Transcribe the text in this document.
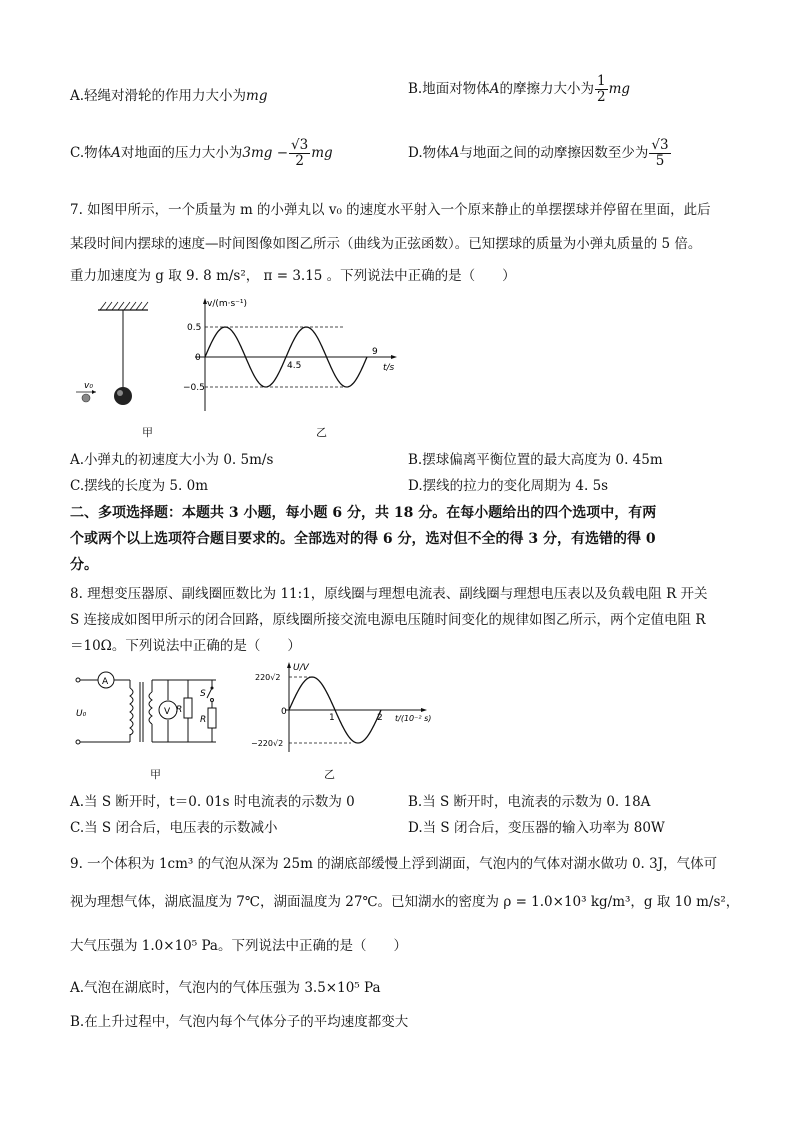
A.轻绳对滑轮的作用力大小为mg	B.地面对物体A的摩擦力大小为 $\frac{1}{2}$ mg
C.物体A对地面的压力大小为$3mg - \frac{√3}{2}$ mg	D.物体A与地面之间的动摩擦因数至少为 $\frac{√3}{5}$
7. 如图甲所示，一个质量为 m 的小弹丸以 v₀ 的速度水平射入一个原来静止的单摆摆球并停留在里面，此后
某段时间内摆球的速度—时间图像如图乙所示（曲线为正弦函数）。已知摆球的质量为小弹丸质量的 5 倍。
重力加速度为 g 取 9. 8 m/s²， π = 3.15 。下列说法中正确的是（　　）
v₀
v/(m·s⁻¹)
t/s
0.5
−0.5
0
4.5
9
甲	乙
A.小弹丸的初速度大小为 0. 5m/s	B.摆球偏离平衡位置的最大高度为 0. 45m
C.摆线的长度为 5. 0m	D.摆线的拉力的变化周期为 4. 5s
二、多项选择题：本题共 3 小题，每小题 6 分，共 18 分。在每小题给出的四个选项中，有两
个或两个以上选项符合题目要求的。全部选对的得 6 分，选对但不全的得 3 分，有选错的得 0
分。
8. 理想变压器原、副线圈匝数比为 11:1，原线圈与理想电流表、副线圈与理想电压表以及负载电阻 R 开关
S 连接成如图甲所示的闭合回路，原线圈所接交流电源电压随时间变化的规律如图乙所示，两个定值电阻 R
＝10Ω。下列说法中正确的是（　　）
A
V
U₀	R
R
S
U/V
t/(10⁻² s)
220√2
−220√2
0
1	2
甲	乙
A.当 S 断开时，t＝0. 01s 时电流表的示数为 0	B.当 S 断开时，电流表的示数为 0. 18A
C.当 S 闭合后，电压表的示数减小	D.当 S 闭合后，变压器的输入功率为 80W
9. 一个体积为 1cm³ 的气泡从深为 25m 的湖底部缓慢上浮到湖面，气泡内的气体对湖水做功 0. 3J，气体可
视为理想气体，湖底温度为 7℃，湖面温度为 27℃。已知湖水的密度为 ρ = 1.0×10³ kg/m³，g 取 10 m/s²，
大气压强为 1.0×10⁵ Pa。下列说法中正确的是（　　）
A.气泡在湖底时，气泡内的气体压强为 3.5×10⁵ Pa
B.在上升过程中，气泡内每个气体分子的平均速度都变大
